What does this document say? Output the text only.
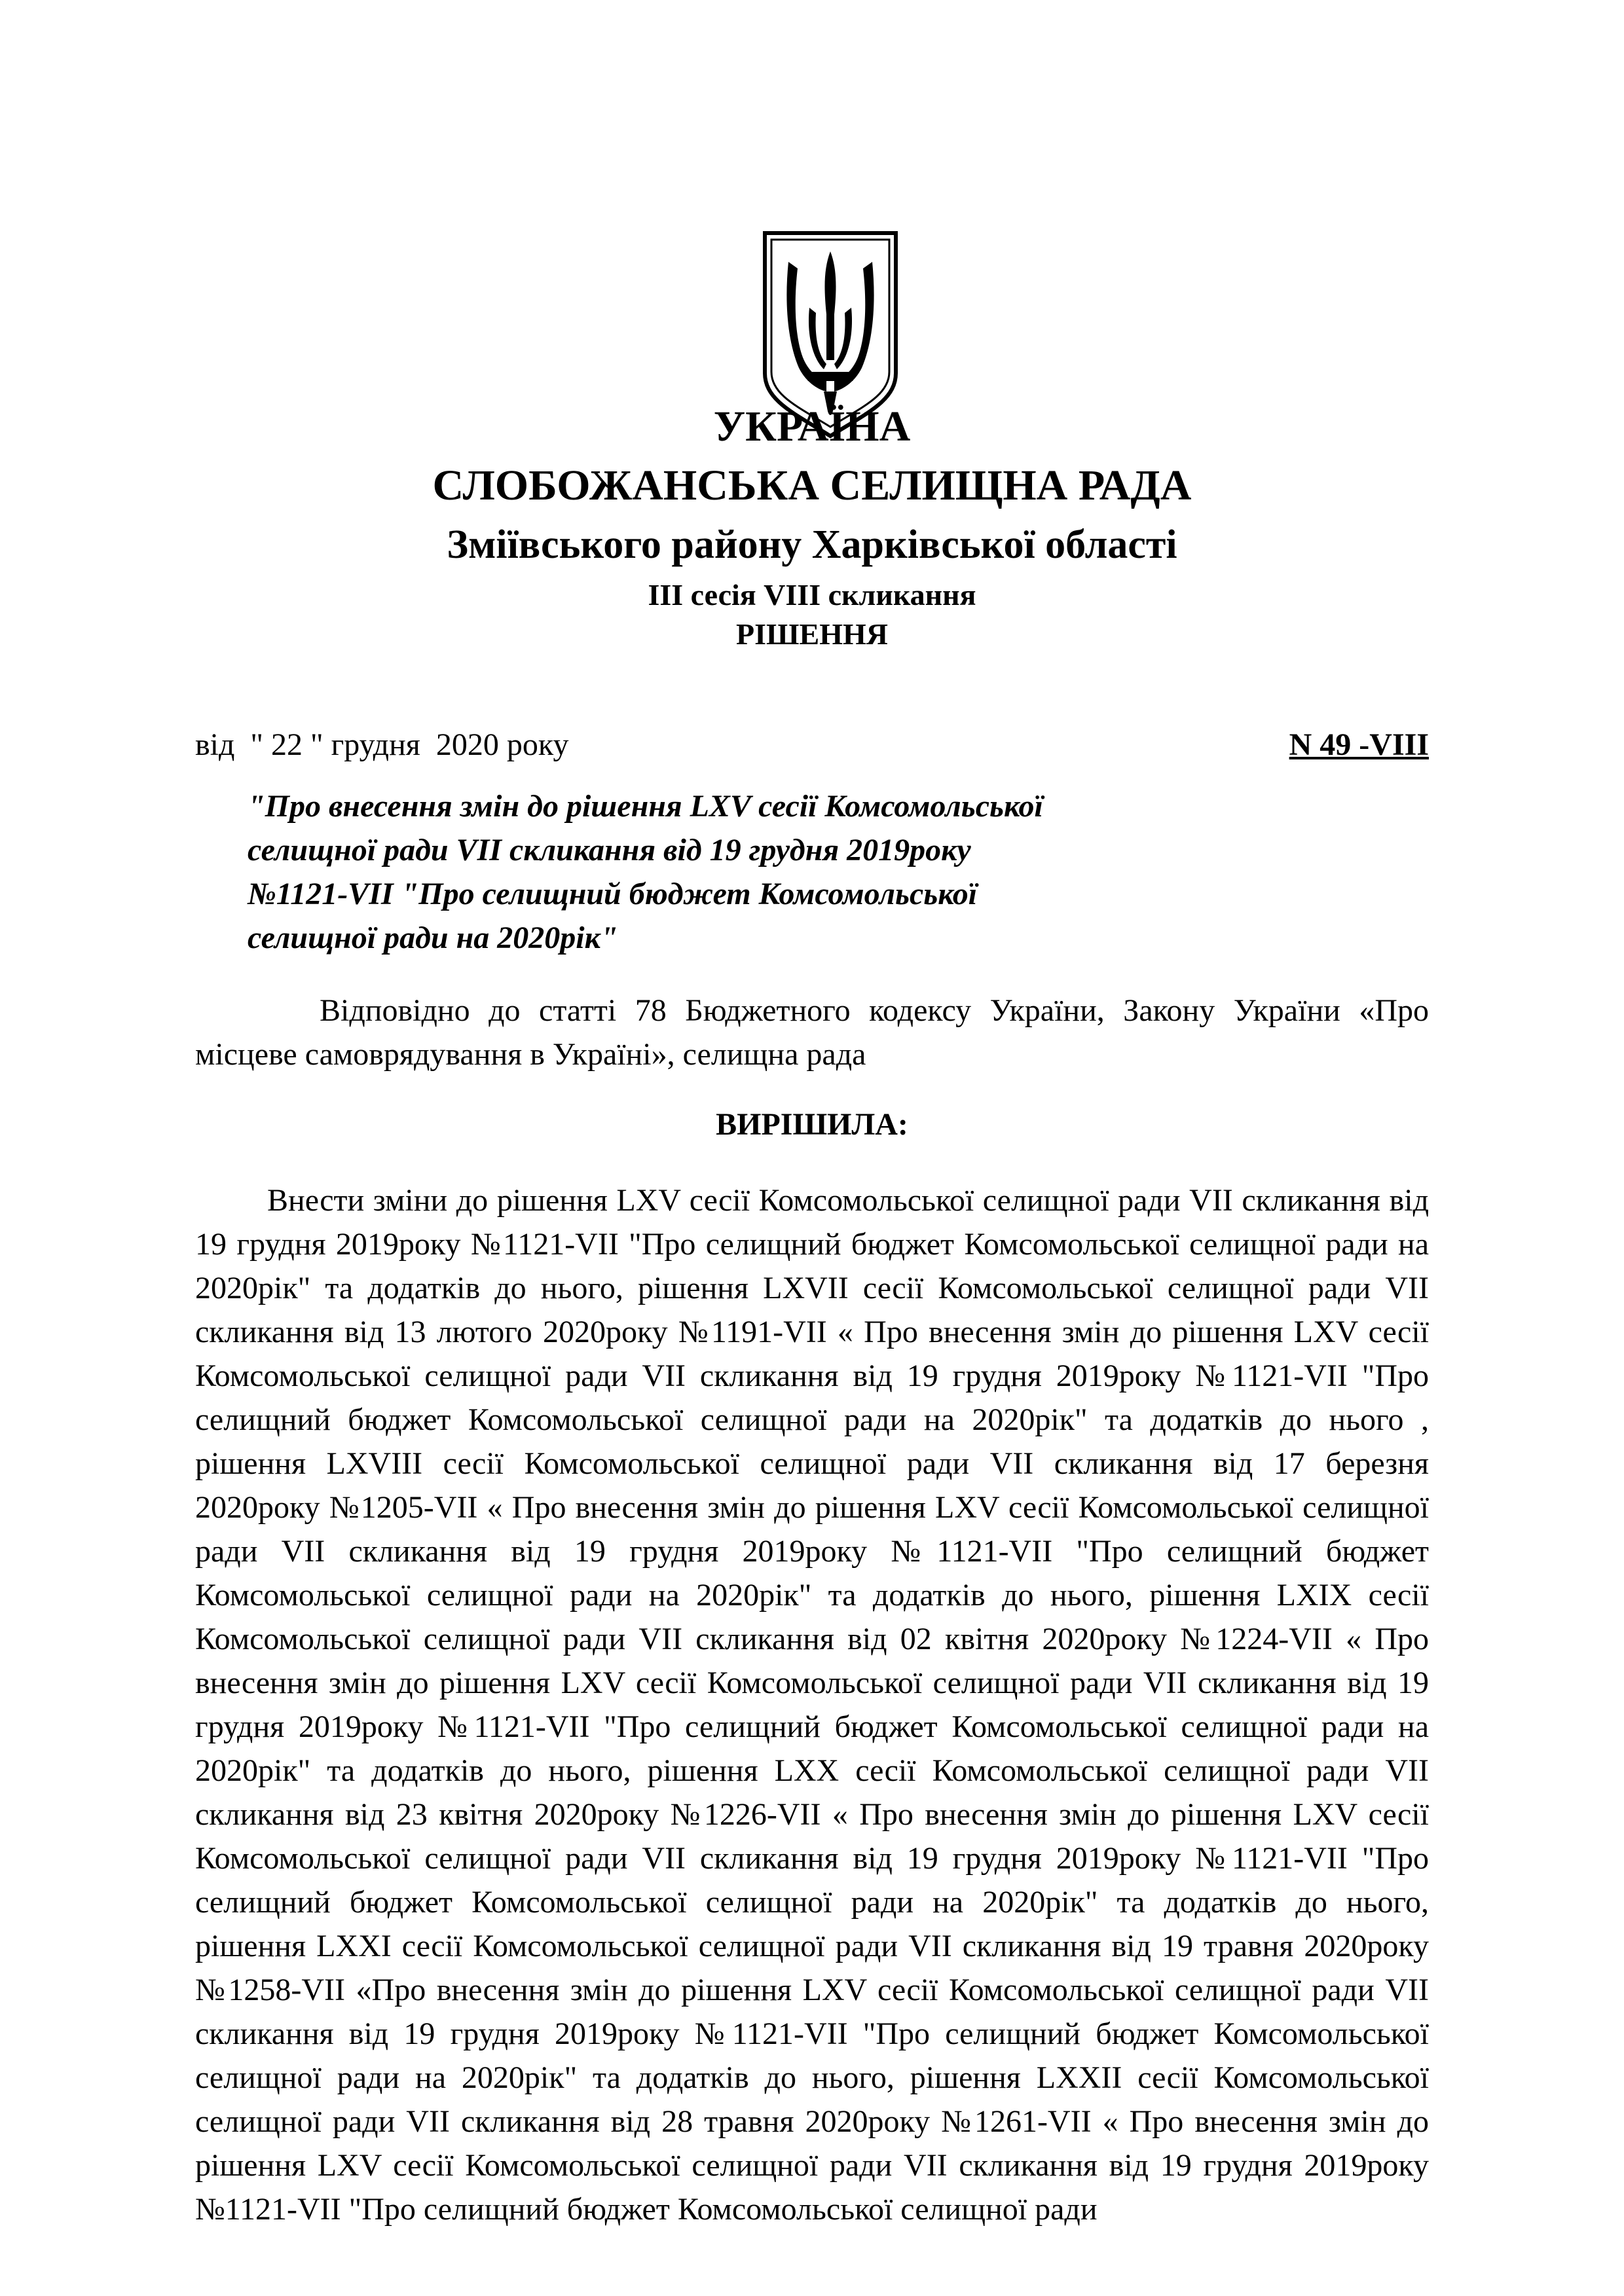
УКРАЇНА
СЛОБОЖАНСЬКА СЕЛИЩНА РАДА
Зміївського району Харківської області
ІІІ сесія VІІІ скликання
РІШЕННЯ
від  " 22 " грудня  2020 року	N 49 -VІІІ
"Про внесення змін до рішення LXV сесії Комсомольської
селищної ради VII скликання від 19 грудня 2019року
№1121-VII "Про селищний бюджет Комсомольської
селищної ради на 2020рік"
Відповідно до статті 78 Бюджетного кодексу України, Закону України «Про місцеве самоврядування в Україні», селищна рада
ВИРІШИЛА:
Внести зміни до рішення LXV сесії Комсомольської селищної ради VII скликання від 19 грудня 2019року №1121-VII "Про селищний бюджет Комсомольської селищної ради на 2020рік" та додатків до нього, рішення LXVII сесії Комсомольської селищної ради VII скликання від 13 лютого 2020року №1191-VII « Про внесення змін до рішення LXV сесії Комсомольської селищної ради VII скликання від 19 грудня 2019року №1121-VII "Про селищний бюджет Комсомольської селищної ради на 2020рік" та додатків до нього , рішення LXVIII сесії Комсомольської селищної ради VII скликання від 17 березня 2020року №1205-VII « Про внесення змін до рішення LXV сесії Комсомольської селищної ради VII скликання від 19 грудня 2019року №1121-VII "Про селищний бюджет Комсомольської селищної ради на 2020рік" та додатків до нього, рішення LXIX сесії Комсомольської селищної ради VII скликання від 02 квітня 2020року №1224-VII « Про внесення змін до рішення LXV сесії Комсомольської селищної ради VII скликання від 19 грудня 2019року №1121-VII "Про селищний бюджет Комсомольської селищної ради на 2020рік" та додатків до нього, рішення LXX сесії Комсомольської селищної ради VII скликання від 23 квітня 2020року №1226-VII « Про внесення змін до рішення LXV сесії Комсомольської селищної ради VII скликання від 19 грудня 2019року №1121-VII "Про селищний бюджет Комсомольської селищної ради на 2020рік" та додатків до нього, рішення LXXI сесії Комсомольської селищної ради VII скликання від 19 травня 2020року №1258-VII «Про внесення змін до рішення LXV сесії Комсомольської селищної ради VII скликання від 19 грудня 2019року №1121-VII "Про селищний бюджет Комсомольської селищної ради на 2020рік" та додатків до нього, рішення LXXII сесії Комсомольської селищної ради VII скликання від 28 травня 2020року №1261-VII « Про внесення змін до рішення LXV сесії Комсомольської селищної ради VII скликання від 19 грудня 2019року №1121-VII "Про селищний бюджет Комсомольської селищної ради
